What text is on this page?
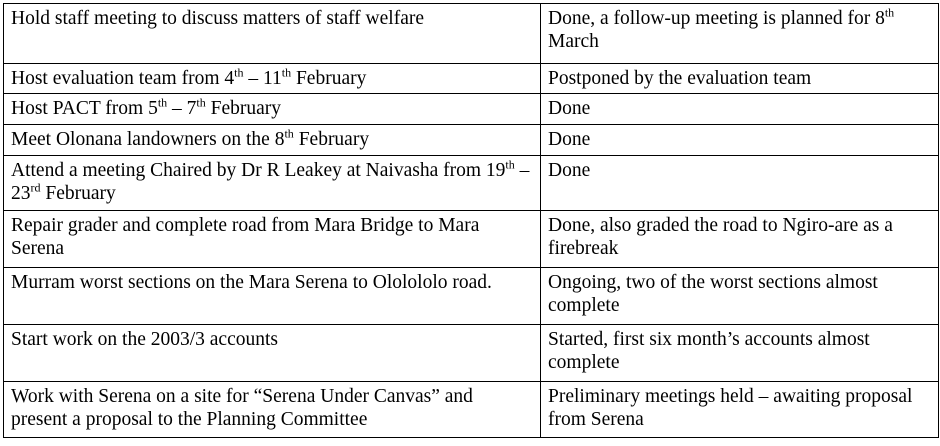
Hold staff meeting to discuss matters of staff welfare	Done, a follow-up meeting is planned for 8th March
Host evaluation team from 4th – 11th February	Postponed by the evaluation team
Host PACT from 5th – 7th February	Done
Meet Olonana landowners on the 8th February	Done
Attend a meeting Chaired by Dr R Leakey at Naivasha from 19th – 23rd February	Done
Repair grader and complete road from Mara Bridge to Mara Serena	Done, also graded the road to Ngiro-are as a firebreak
Murram worst sections on the Mara Serena to Ololololo road.	Ongoing, two of the worst sections almost complete
Start work on the 2003/3 accounts	Started, first six month’s accounts almost complete
Work with Serena on a site for “Serena Under Canvas” and present a proposal to the Planning Committee	Preliminary meetings held – awaiting proposal from Serena
